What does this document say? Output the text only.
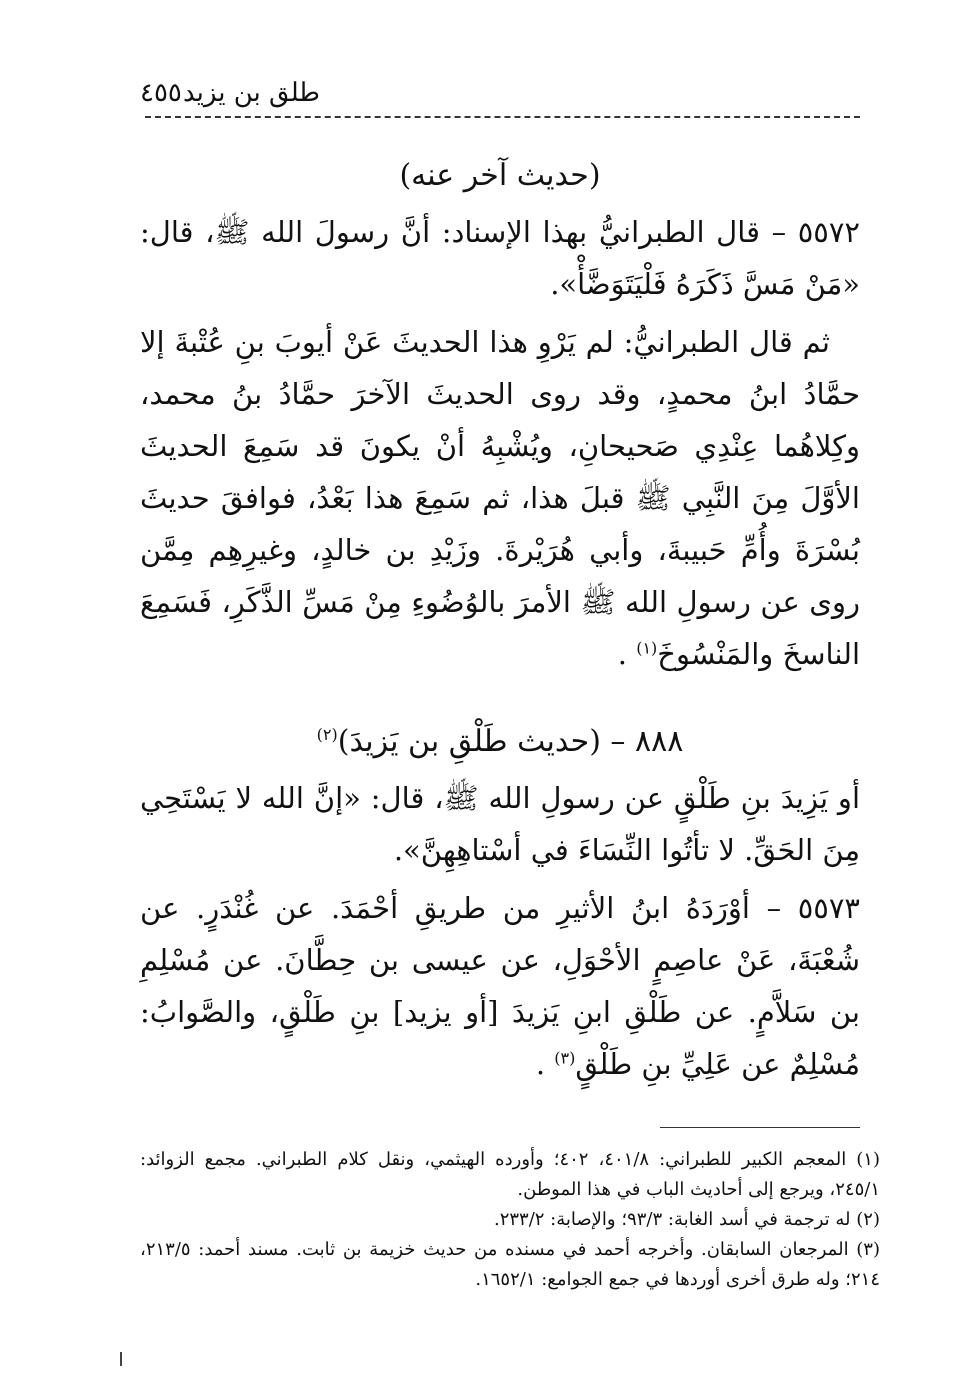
طلق بن يزيد
٤٥٥
(حديث آخر عنه)

٥٥٧٢ – قال الطبرانيُّ بهذا الإسناد: أنَّ رسولَ الله ﷺ، قال: «مَنْ مَسَّ ذَكَرَهُ فَلْيَتَوَضَّأْ».

ثم قال الطبرانيُّ: لم يَرْوِ هذا الحديثَ عَنْ أيوبَ بنِ عُتْبةَ إلا حمَّادُ ابنُ محمدٍ، وقد روى الحديثَ الآخرَ حمَّادُ بنُ محمد، وكِلاهُما عِنْدِي صَحيحانِ، ويُشْبِهُ أنْ يكونَ قد سَمِعَ الحديثَ الأوَّلَ مِنَ النَّبِي ﷺ قبلَ هذا، ثم سَمِعَ هذا بَعْدُ، فوافقَ حديثَ بُسْرَةَ وأُمِّ حَبيبةَ، وأبي هُرَيْرةَ. وزَيْدِ بن خالدٍ، وغيرِهِم مِمَّن روى عن رسولِ الله ﷺ الأمرَ بالوُضُوءِ مِنْ مَسِّ الذَّكَرِ، فَسَمِعَ الناسخَ والمَنْسُوخَ$^{(١)}$ .

٨٨٨ – (حديث طَلْقِ بن يَزيدَ)$^{(٢)}$

أو يَزِيدَ بنِ طَلْقٍ عن رسولِ الله ﷺ، قال: «إنَّ الله لا يَسْتَحِي مِنَ الحَقِّ. لا تأتُوا النِّسَاءَ في أسْتاهِهِنَّ».

٥٥٧٣ – أوْرَدَهُ ابنُ الأثيرِ من طريقِ أحْمَدَ. عن غُنْدَرٍ. عن شُعْبَةَ، عَنْ عاصِمٍ الأحْوَلِ، عن عيسى بن حِطَّانَ. عن مُسْلِمِ بن سَلاَّمٍ. عن طَلْقِ ابنِ يَزيدَ [أو يزيد] بنِ طَلْقٍ، والصَّوابُ: مُسْلِمٌ عن عَلِيِّ بنِ طَلْقٍ$^{(٣)}$ .

(١) المعجم الكبير للطبراني: ٤٠١/٨، ٤٠٢؛ وأورده الهيثمي، ونقل كلام الطبراني. مجمع الزوائد: ٢٤٥/١، ويرجع إلى أحاديث الباب في هذا الموطن.

(٢) له ترجمة في أسد الغابة: ٩٣/٣؛ والإصابة: ٢٣٣/٢.

(٣) المرجعان السابقان. وأخرجه أحمد في مسنده من حديث خزيمة بن ثابت. مسند أحمد: ٢١٣/٥، ٢١٤؛ وله طرق أخرى أوردها في جمع الجوامع: ١٦٥٢/١.
